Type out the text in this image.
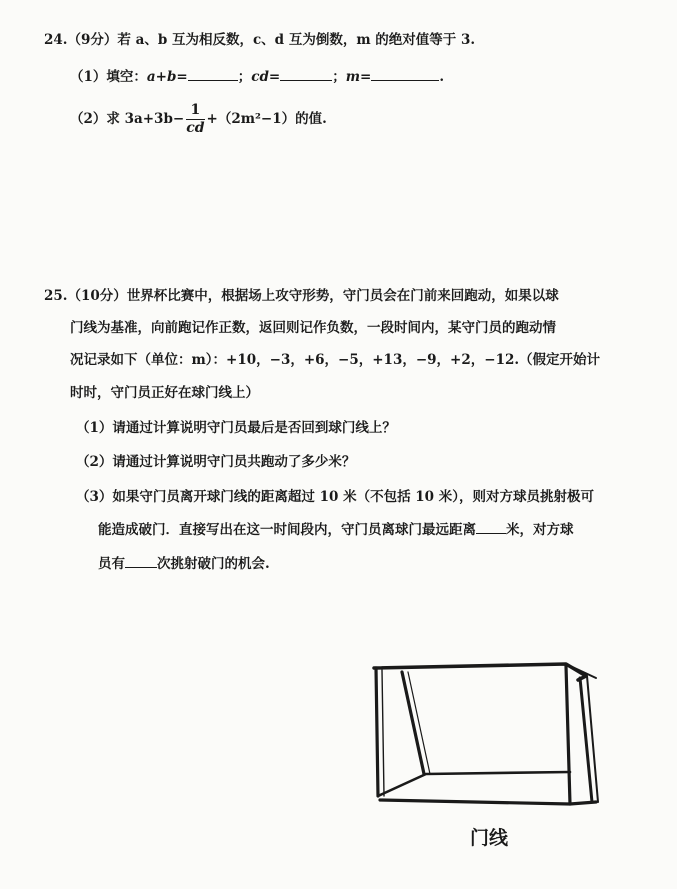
24.（9分）若 a、b 互为相反数，c、d 互为倒数，m 的绝对值等于 3.
（1）填空：a+b=	；cd=	；m=	.
（2）求 $3a+3b- \frac{1}{cd} +(2m^2-1)$的值.
25.（10分）世界杯比赛中，根据场上攻守形势，守门员会在门前来回跑动，如果以球
门线为基准，向前跑记作正数，返回则记作负数，一段时间内，某守门员的跑动情
况记录如下（单位：m）：+10，−3，+6，−5，+13，−9，+2，−12.（假定开始计
时时，守门员正好在球门线上）
（1）请通过计算说明守门员最后是否回到球门线上？
（2）请通过计算说明守门员共跑动了多少米？
（3）如果守门员离开球门线的距离超过 10 米（不包括 10 米），则对方球员挑射极可
能造成破门．直接写出在这一时间段内，守门员离球门最远距离 米，对方球
员有 次挑射破门的机会.
门线
